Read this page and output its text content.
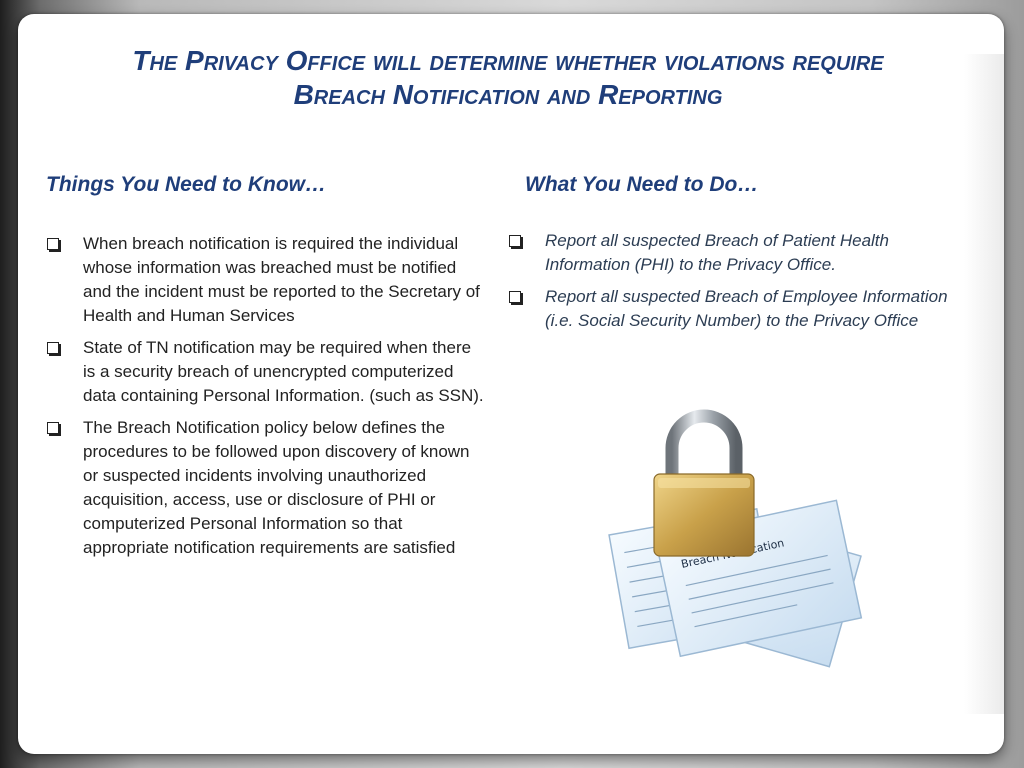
The Privacy Office will determine whether violations require
Breach Notification and Reporting
Things You Need to Know…
When breach notification is required the individual whose information was breached must be notified and the incident must be reported to the Secretary of Health and Human Services
State of TN notification may be required when there is a security breach of unencrypted computerized data containing Personal Information. (such as SSN).
The Breach Notification policy below defines the procedures to be followed upon discovery of known or suspected incidents involving unauthorized acquisition, access, use or disclosure of PHI or computerized Personal Information so that appropriate notification requirements are satisfied
What You Need to Do…
Report all suspected Breach of Patient Health Information (PHI) to the Privacy Office.
Report all suspected Breach of Employee Information (i.e. Social Security Number) to the Privacy Office
Breach
